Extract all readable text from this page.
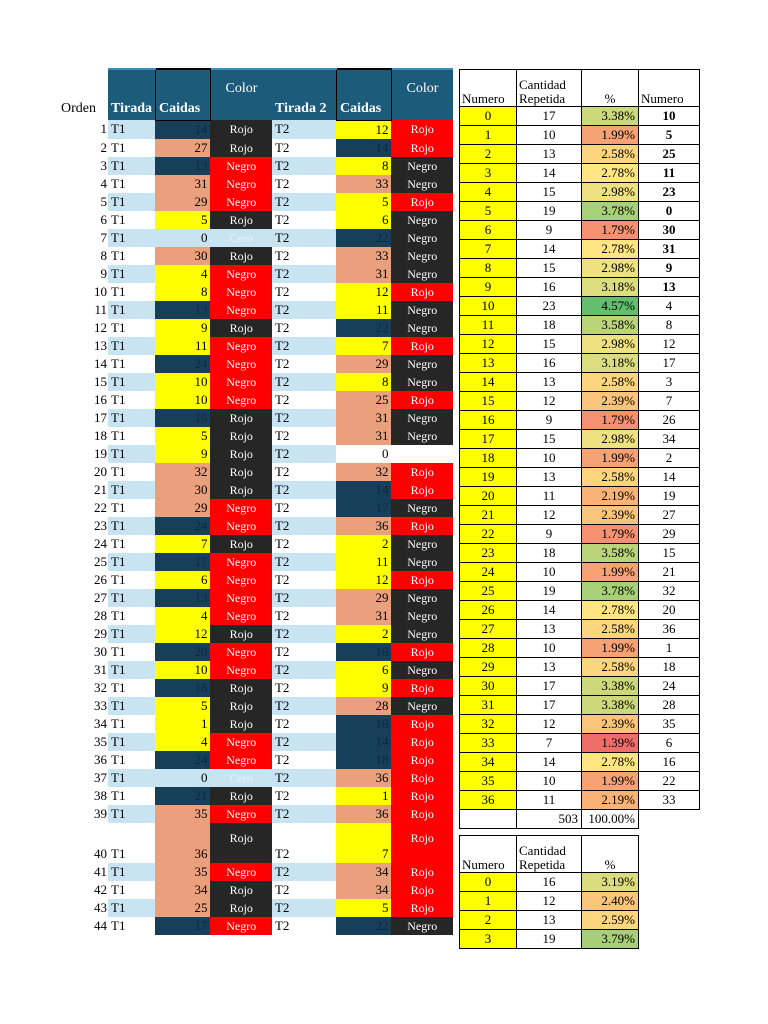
Orden	Tirada	Caidas	Color	Tirada 2	Caidas	Color
1	T1	14	Rojo	T2	12	Rojo
2	T1	27	Rojo	T2	14	Rojo
3	T1	13	Negro	T2	8	Negro
4	T1	31	Negro	T2	33	Negro
5	T1	29	Negro	T2	5	Rojo
6	T1	5	Rojo	T2	6	Negro
7	T1	0	Cero	T2	22	Negro
8	T1	30	Rojo	T2	33	Negro
9	T1	4	Negro	T2	31	Negro
10	T1	8	Negro	T2	12	Rojo
11	T1	13	Negro	T2	11	Negro
12	T1	9	Rojo	T2	22	Negro
13	T1	11	Negro	T2	7	Rojo
14	T1	24	Negro	T2	29	Negro
15	T1	10	Negro	T2	8	Negro
16	T1	10	Negro	T2	25	Rojo
17	T1	16	Rojo	T2	31	Negro
18	T1	5	Rojo	T2	31	Negro
19	T1	9	Rojo	T2	0	
20	T1	32	Rojo	T2	32	Rojo
21	T1	30	Rojo	T2	14	Rojo
22	T1	29	Negro	T2	17	Negro
23	T1	24	Negro	T2	36	Rojo
24	T1	7	Rojo	T2	2	Negro
25	T1	17	Negro	T2	11	Negro
26	T1	6	Negro	T2	12	Rojo
27	T1	13	Negro	T2	29	Negro
28	T1	4	Negro	T2	31	Negro
29	T1	12	Rojo	T2	2	Negro
30	T1	20	Negro	T2	16	Rojo
31	T1	10	Negro	T2	6	Negro
32	T1	16	Rojo	T2	9	Rojo
33	T1	5	Rojo	T2	28	Negro
34	T1	1	Rojo	T2	16	Rojo
35	T1	4	Negro	T2	14	Rojo
36	T1	24	Negro	T2	18	Rojo
37	T1	0	Cero	T2	36	Rojo
38	T1	21	Rojo	T2	1	Rojo
39	T1	35	Negro	T2	36	Rojo
40	T1	36	Rojo	T2	7	Rojo
41	T1	35	Negro	T2	34	Rojo
42	T1	34	Rojo	T2	34	Rojo
43	T1	25	Rojo	T2	5	Rojo
44	T1	17	Negro	T2	22	Negro
Numero	Cantidad Repetida	%	Numero
0	17	3.38%	10
1	10	1.99%	5
2	13	2.58%	25
3	14	2.78%	11
4	15	2.98%	23
5	19	3.78%	0
6	9	1.79%	30
7	14	2.78%	31
8	15	2.98%	9
9	16	3.18%	13
10	23	4.57%	4
11	18	3.58%	8
12	15	2.98%	12
13	16	3.18%	17
14	13	2.58%	3
15	12	2.39%	7
16	9	1.79%	26
17	15	2.98%	34
18	10	1.99%	2
19	13	2.58%	14
20	11	2.19%	19
21	12	2.39%	27
22	9	1.79%	29
23	18	3.58%	15
24	10	1.99%	21
25	19	3.78%	32
26	14	2.78%	20
27	13	2.58%	36
28	10	1.99%	1
29	13	2.58%	18
30	17	3.38%	24
31	17	3.38%	28
32	12	2.39%	35
33	7	1.39%	6
34	14	2.78%	16
35	10	1.99%	22
36	11	2.19%	33
	503	100.00%	
Numero	Cantidad Repetida	%
0	16	3.19%
1	12	2.40%
2	13	2.59%
3	19	3.79%
